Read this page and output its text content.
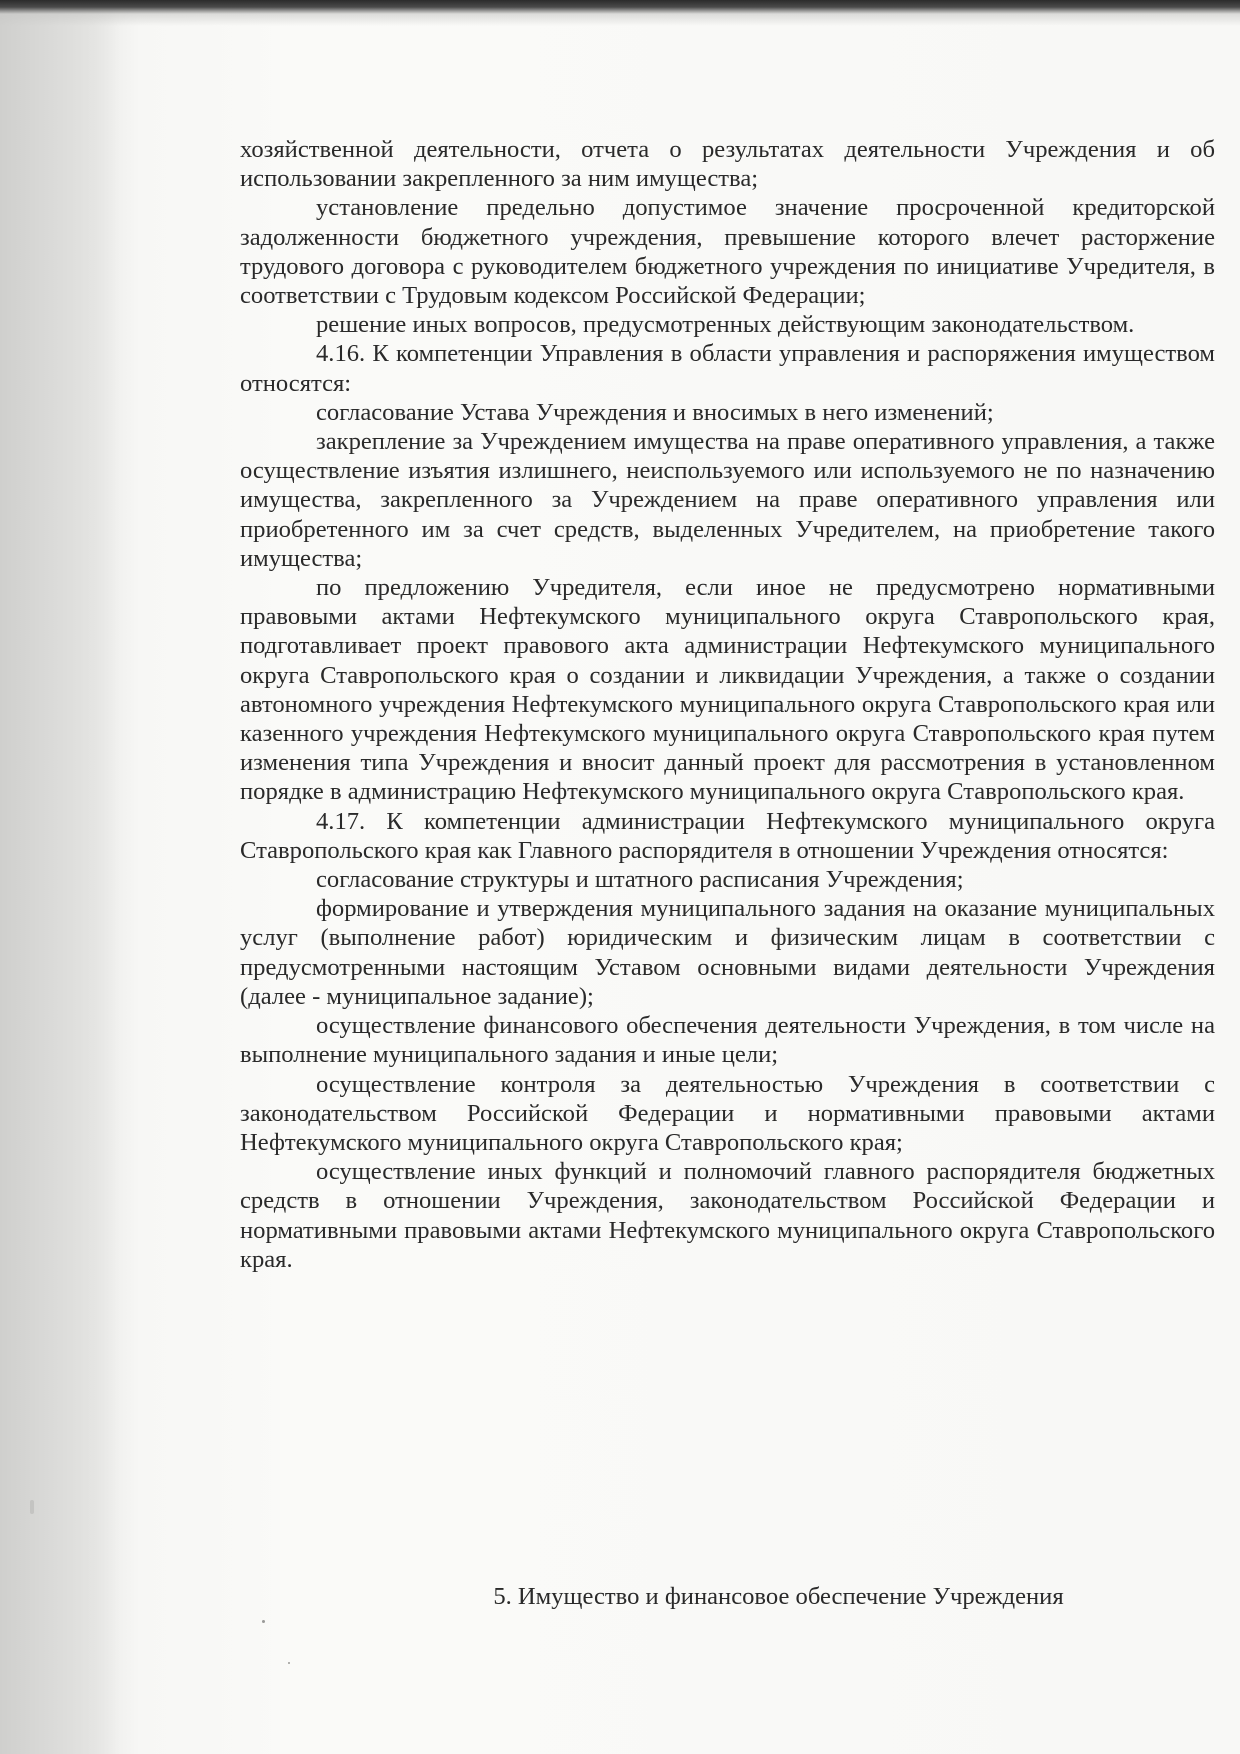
хозяйственной деятельности, отчета о результатах деятельности Учреждения и об использовании закрепленного за ним имущества;

установление предельно допустимое значение просроченной кредиторской задолженности бюджетного учреждения, превышение которого влечет расторжение трудового договора с руководителем бюджетного учреждения по инициативе Учредителя, в соответствии с Трудовым кодексом Российской Федерации;

решение иных вопросов, предусмотренных действующим законодательством.

4.16. К компетенции Управления в области управления и распоряжения имуществом относятся:

согласование Устава Учреждения и вносимых в него изменений;

закрепление за Учреждением имущества на праве оперативного управления, а также осуществление изъятия излишнего, неиспользуемого или используемого не по назначению имущества, закрепленного за Учреждением на праве оперативного управления или приобретенного им за счет средств, выделенных Учредителем, на приобретение такого имущества;

по предложению Учредителя, если иное не предусмотрено нормативными правовыми актами Нефтекумского муниципального округа Ставропольского края, подготавливает проект правового акта администрации Нефтекумского муниципального округа Ставропольского края о создании и ликвидации Учреждения, а также о создании автономного учреждения Нефтекумского муниципального округа Ставропольского края или казенного учреждения Нефтекумского муниципального округа Ставропольского края путем изменения типа Учреждения и вносит данный проект для рассмотрения в установленном порядке в администрацию Нефтекумского муниципального округа Ставропольского края.

4.17. К компетенции администрации Нефтекумского муниципального округа Ставропольского края как Главного распорядителя в отношении Учреждения относятся:

согласование структуры и штатного расписания Учреждения;

формирование и утверждения муниципального задания на оказание муниципальных услуг (выполнение работ) юридическим и физическим лицам в соответствии с предусмотренными настоящим Уставом основными видами деятельности Учреждения (далее - муниципальное задание);

осуществление финансового обеспечения деятельности Учреждения, в том числе на выполнение муниципального задания и иные цели;

осуществление контроля за деятельностью Учреждения в соответствии с законодательством Российской Федерации и нормативными правовыми актами Нефтекумского муниципального округа Ставропольского края;

осуществление иных функций и полномочий главного распорядителя бюджетных средств в отношении Учреждения, законодательством Российской Федерации и нормативными правовыми актами Нефтекумского муниципального округа Ставропольского края.

5. Имущество и финансовое обеспечение Учреждения
